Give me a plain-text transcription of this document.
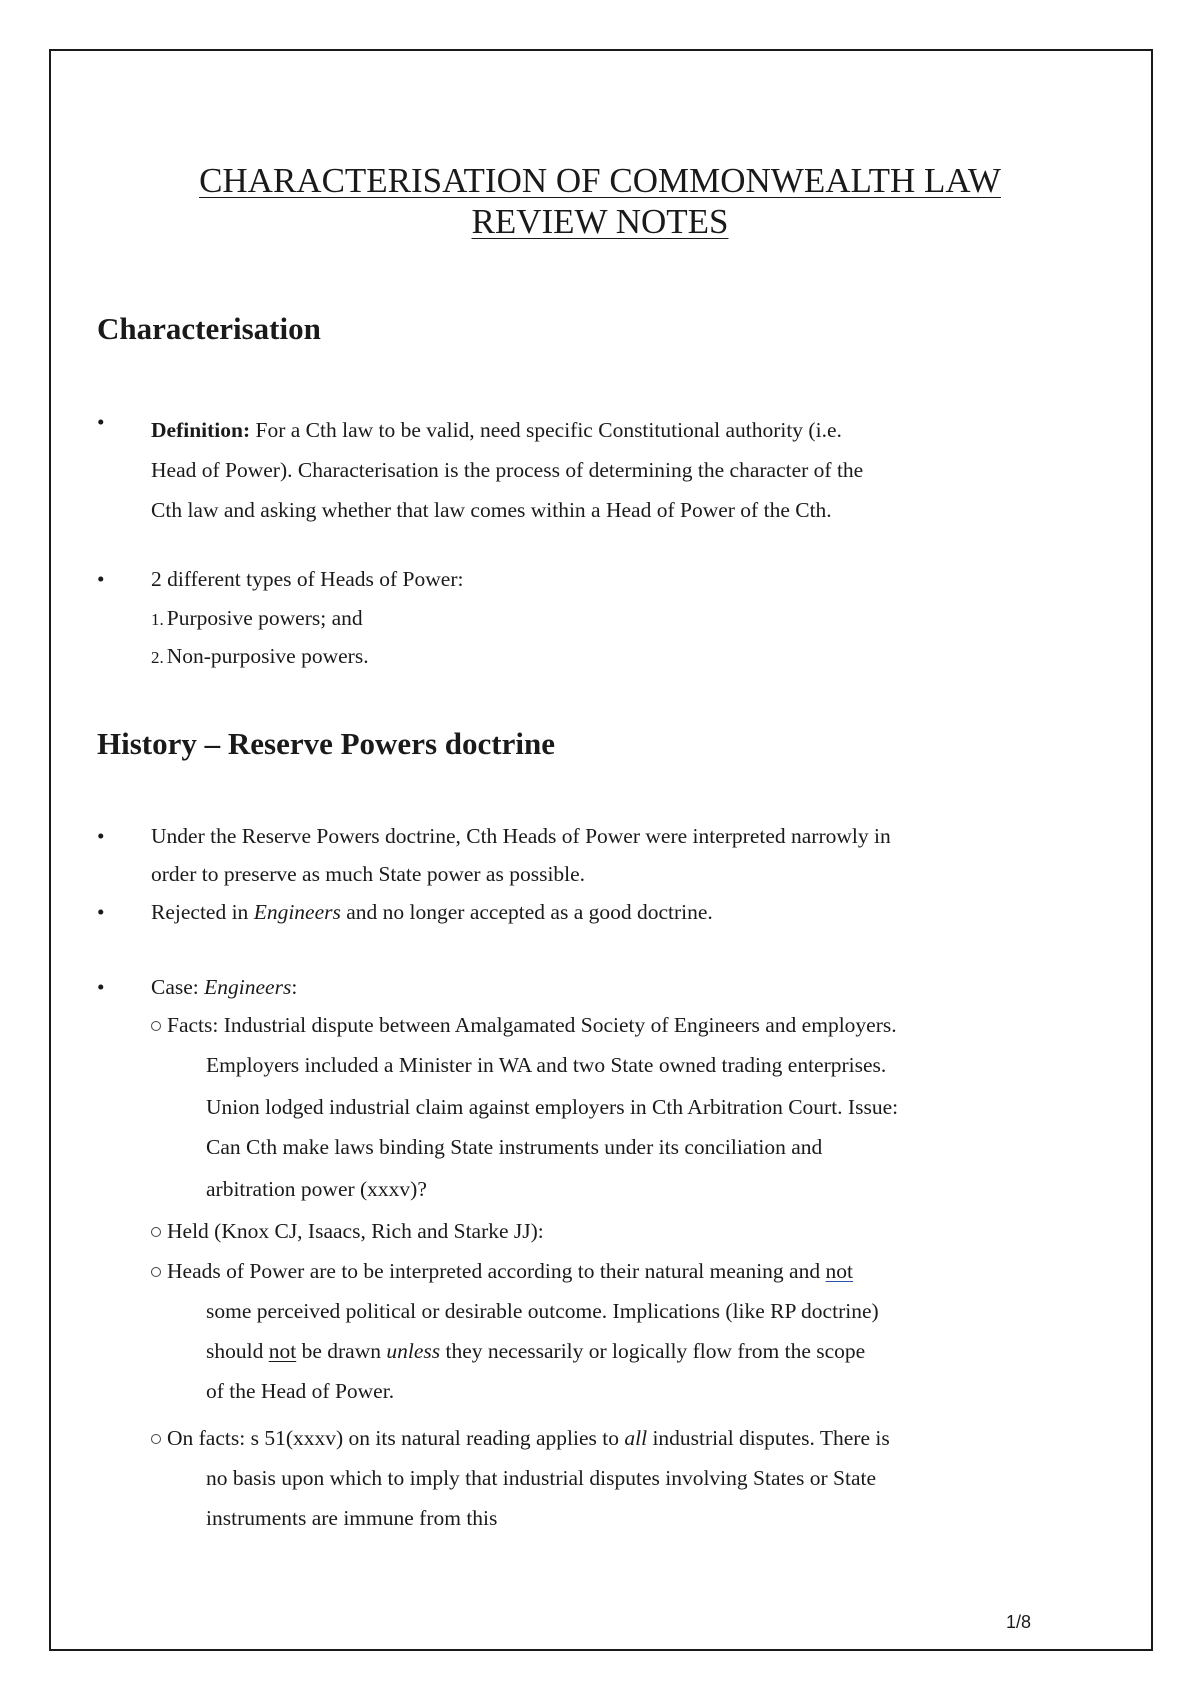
CHARACTERISATION OF COMMONWEALTH LAW
REVIEW NOTES
Characterisation
• Definition: For a Cth law to be valid, need specific Constitutional authority (i.e.
Head of Power). Characterisation is the process of determining the character of the
Cth law and asking whether that law comes within a Head of Power of the Cth.
• 2 different types of Heads of Power:
1. Purposive powers; and
2. Non-purposive powers.
History – Reserve Powers doctrine
• Under the Reserve Powers doctrine, Cth Heads of Power were interpreted narrowly in
order to preserve as much State power as possible.
• Rejected in Engineers and no longer accepted as a good doctrine.
• Case: Engineers:
Facts: Industrial dispute between Amalgamated Society of Engineers and employers.
Employers included a Minister in WA and two State owned trading enterprises.
Union lodged industrial claim against employers in Cth Arbitration Court. Issue:
Can Cth make laws binding State instruments under its conciliation and
arbitration power (xxxv)?
Held (Knox CJ, Isaacs, Rich and Starke JJ):
Heads of Power are to be interpreted according to their natural meaning and not
some perceived political or desirable outcome. Implications (like RP doctrine)
should not be drawn unless they necessarily or logically flow from the scope
of the Head of Power.
On facts: s 51(xxxv) on its natural reading applies to all industrial disputes. There is
no basis upon which to imply that industrial disputes involving States or State
instruments are immune from this
1/8
